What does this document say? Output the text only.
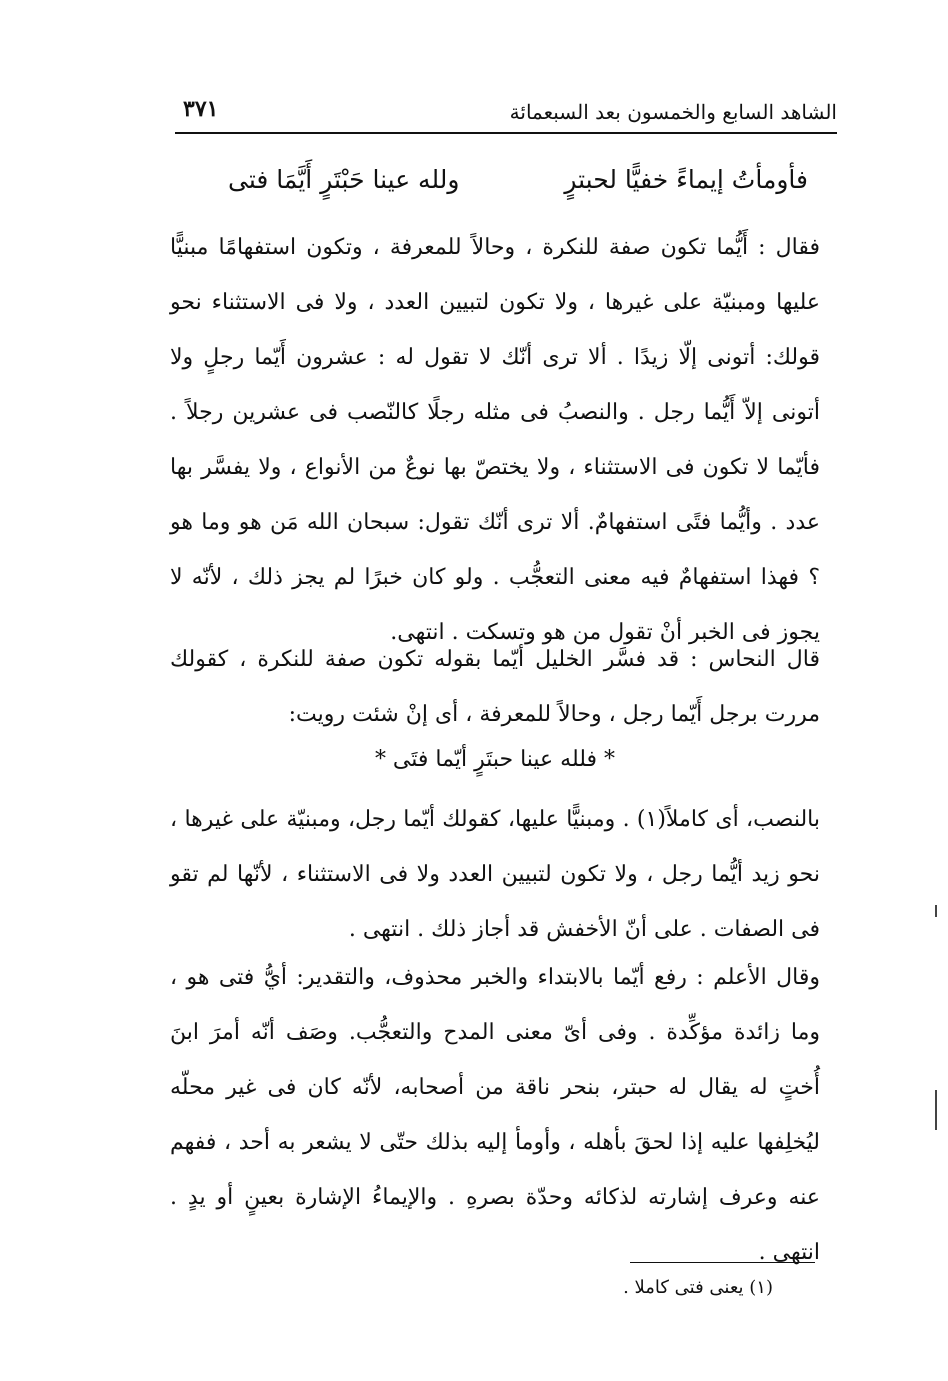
الشاهد السابع والخمسون بعد السبعمائة
٣٧١
فأومأتُ إيماءً خفيًّا لحبترٍ
ولله عينا حَبْتَرٍ أَيَّمَا فتى

فقال : أَيُّما تكون صفة للنكرة ، وحالاً للمعرفة ، وتكون استفهامًا مبنيًّا عليها ومبنيّة على غيرها ، ولا تكون لتبيين العدد ، ولا فى الاستثناء نحو قولك: أتونى إلّا زيدًا . ألا ترى أنّك لا تقول له : عشرون أَيّما رجلٍ ولا أتونى إلاّ أَيُّما رجل . والنصبُ فى مثله رجلًا كالنّصب فى عشرين رجلاً . فأيّما لا تكون فى الاستثناء ، ولا يختصّ بها نوعٌ من الأنواع ، ولا يفسَّر بها عدد . وأيُّما فتًى استفهامٌ. ألا ترى أنّك تقول: سبحان الله مَن هو وما هو ؟ فهذا استفهامٌ فيه معنى التعجُّب . ولو كان خبرًا لم يجز ذلك ، لأنّه لا يجوز فى الخبر أنْ تقول من هو وتسكت . انتهى.

قال النحاس : قد فسَّر الخليل أيّما بقوله تكون صفة للنكرة ، كقولك مررت برجل أَيّما رجل ، وحالاً للمعرفة ، أى إنْ شئت رويت:

* فلله عينا حبتَرٍ أيّما فتَى *

بالنصب، أى كاملاً(١) . ومبنيًّا عليها، كقولك أيّما رجل، ومبنيّة على غيرها ، نحو زيد أيُّما رجل ، ولا تكون لتبيين العدد ولا فى الاستثناء ، لأنّها لم تقو فى الصفات . على أنّ الأخفش قد أجاز ذلك . انتهى .

وقال الأعلم : رفع أيّما بالابتداء والخبر محذوف، والتقدير: أيُّ فتى هو ، وما زائدة مؤكِّدة . وفى أىّ معنى المدح والتعجُّب. وصَف أنّه أمرَ ابنَ أُختٍ له يقال له حبتر، بنحر ناقة من أصحابه، لأنّه كان فى غير محلّه ليُخلِفها عليه إذا لحقَ بأهله ، وأومأ إليه بذلك حتّى لا يشعر به أحد ، ففهم عنه وعرف إشارته لذكائه وحدّة بصرهِ . والإيماءُ الإشارة بعينٍ أو يدٍ . انتهى .

(١) يعنى فتى كاملا .
